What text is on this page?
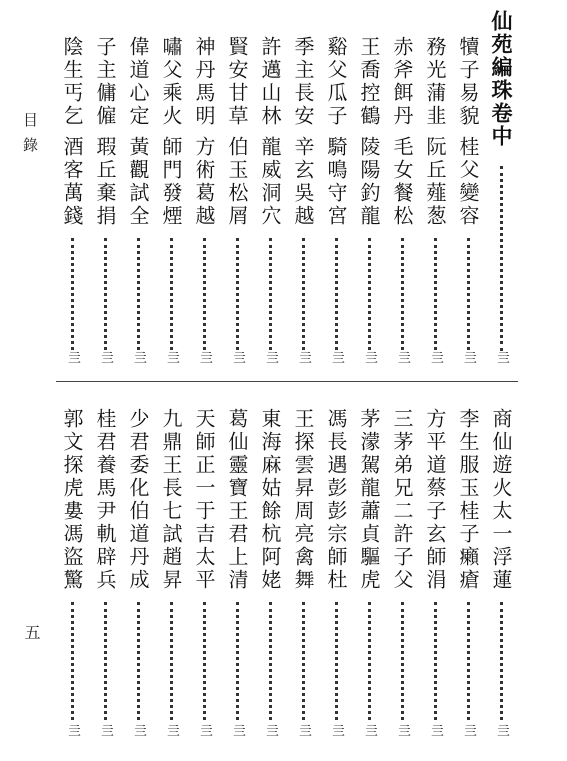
目錄
五
仙苑編珠卷中
亖
犢子易貌
桂父變容
亖
務光蒲韭
阮丘薤葱
亖
赤斧餌丹
毛女餐松
亖
王喬控鶴
陵陽釣龍
亖
谿父瓜子
騎鳴守宮
亖
季主長安
辛玄吳越
亖
許邁山林
龍威洞穴
亖
賢安甘草
伯玉松屑
亖
神丹馬明
方術葛越
亖
嘯父乘火
師門發煙
亖
偉道心定
黃觀試全
亖
子主傭僱
瑕丘棄捐
亖
陰生丐乞
酒客萬錢
亖
商仙遊火
太一浮蓮
亖
李生服玉
桂子癩瘡
亖
方平道蔡
子玄師涓
亖
三茅弟兄
二許子父
亖
茅濛駕龍
蕭貞驅虎
亖
馮長遇彭
彭宗師杜
亖
王探雲昇
周亮禽舞
亖
東海麻姑
餘杭阿姥
亖
葛仙靈寶
王君上清
亖
天師正一
于吉太平
亖
九鼎王長
七試趙昇
亖
少君委化
伯道丹成
亖
桂君養馬
尹軌辟兵
亖
郭文探虎
婁馮盜驚
亖
